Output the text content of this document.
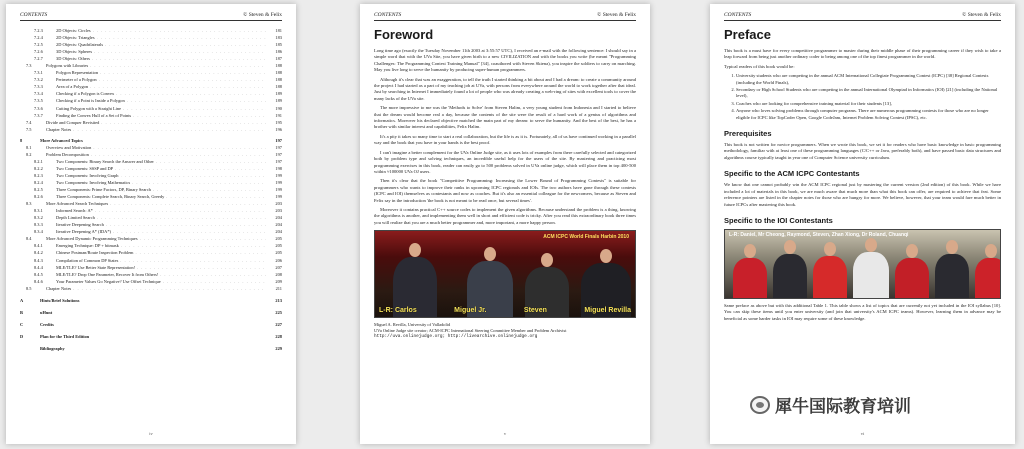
CONTENTS	© Steven & Felix
7.2.3	2D Objects: Circles . . .	181
7.2.4	2D Objects: Triangles . . .	183
7.2.5	2D Objects: Quadrilaterals . . .	185
7.2.6	3D Objects: Spheres . . .	186
7.2.7	3D Objects: Others . . .	187
7.3	Polygons with Libraries . . .	188
7.3.1	Polygon Representation . . .	188
7.3.2	Perimeter of a Polygon . . .	188
7.3.3	Area of a Polygon . . .	188
7.3.4	Checking if a Polygon is Convex . . .	189
7.3.5	Checking if a Point is Inside a Polygon . . .	189
7.3.6	Cutting Polygon with a Straight Line . . .	190
7.3.7	Finding the Convex Hull of a Set of Points . . .	191
7.4	Divide and Conquer Revisited . . .	195
7.5	Chapter Notes . . .	196
8	More Advanced Topics	197
8.1	Overview and Motivation . . .	197
8.2	Problem Decomposition . . .	197
8.2.1	Two Components: Binary Search the Answer and Other . . .	197
8.2.2	Two Components: SSSP and DP . . .	198
8.2.3	Two Components: Involving Graph . . .	199
8.2.4	Two Components: Involving Mathematics . . .	199
8.2.5	Three Components: Prime Factors, DP, Binary Search . . .	199
8.2.6	Three Components: Complete Search, Binary Search, Greedy . . .	199
8.3	More Advanced Search Techniques . . .	203
8.3.1	Informed Search: A* . . .	203
8.3.2	Depth Limited Search . . .	204
8.3.3	Iterative Deepening Search . . .	204
8.3.4	Iterative Deepening A* (IDA*) . . .	204
8.4	More Advanced Dynamic Programming Techniques . . .	205
8.4.1	Emerging Technique: DP + bitmask . . .	205
8.4.2	Chinese Postman/Route Inspection Problem . . .	205
8.4.3	Compilation of Common DP States . . .	206
8.4.4	MLE/TLE? Use Better State Representation! . . .	207
8.4.5	MLE/TLE? Drop One Parameter, Recover It from Others! . . .	208
8.4.6	Your Parameter Values Go Negative? Use Offset Technique . . .	209
8.5	Chapter Notes . . .	211
A	Hints/Brief Solutions	213
B	uHunt	225
C	Credits	227
D	Plan for the Third Edition	228
Bibliography	229
iv
CONTENTS	© Steven & Felix
Foreword
Long time ago (exactly the Tuesday November 11th 2003 at 3:55:57 UTC), I received an e-mail with the following sentence: I should say in a simple word that with the UVa Site, you have given birth to a new CIVILIZATION and with the books you write (he meant "Programming Challenges: The Programming Contest Training Manual" [34], coauthored with Steven Skiena), you inspire the soldiers to carry on marching. May you live long to serve the humanity by producing super-human programmers.
Although it's clear that was an exaggeration, to tell the truth I started thinking a bit about and I had a dream: to create a community around the project I had started as a part of my teaching job at UVa, with persons from everywhere around the world to work together after that ideal. Just by searching in Internet I immediately found a lot of people who was already creating a web-ring of sites with excellent tools to cover the many lacks of the UVa site.
The more impressive to me was the 'Methods to Solve' from Steven Halim, a very young student from Indonesia and I started to believe that the dream would become real a day, because the contents of the site were the result of a hard work of a genius of algorithms and informatics. Moreover his declared objective matched the main part of my dream: to serve the humanity. And the best of the best, he has a brother with similar interest and capabilities, Felix Halim.
It's a pity it takes so many time to start a real collaboration, but the life is as it is. Fortunately, all of us have continued working in a parallel way and the book that you have in your hands is the best proof.
I can't imagine a better complement for the UVa Online Judge site, as it uses lots of examples from there carefully selected and categorized both by problem type and solving techniques, an incredible useful help for the users of the site. By mastering and practicing most programming exercises in this book, reader can easily go to 500 problems solved in UVa online judge, which will place them in top 400-500 within ≈100000 UVa OJ users.
Then it's clear that the book "Competitive Programming: Increasing the Lower Bound of Programming Contests" is suitable for programmers who wants to improve their ranks in upcoming ICPC regionals and IOIs. The two authors have gone through these contests (ICPC and IOI) themselves as contestants and now as coaches. But it's also an essential colleague for the newcomers, because as Steven and Felix say in the introduction 'the book is not meant to be read once, but several times'.
Moreover it contains practical C++ source codes to implement the given algorithms. Because understand the problem is a thing, knowing the algorithms is another, and implementing them well in short and efficient code is tricky. After you read this extraordinary book three times you will realize that you are a much better programmer and, more important, a more happy person.
ACM ICPC World Finals Harbin 2010
L-R: Carlos	Miguel Jr.	Steven	Miguel Revilla
Miguel A. Revilla, University of Valladolid
UVa Online Judge site creator; ACM-ICPC International Steering Committee Member and Problem Archivist
http://uva.onlinejudge.org; http://livearchive.onlinejudge.org
v
CONTENTS	© Steven & Felix
Preface
This book is a must have for every competitive programmer to master during their middle phase of their programming career if they wish to take a leap forward from being just another ordinary coder to being among one of the top finest programmer in the world.
Typical readers of this book would be:
1. University students who are competing in the annual ACM International Collegiate Programming Contest (ICPC) [38] Regional Contests (including the World Finals),
2. Secondary or High School Students who are competing in the annual International Olympiad in Informatics (IOI) [21] (including the National level),
3. Coaches who are looking for comprehensive training material for their students [13],
4. Anyone who loves solving problems through computer programs. There are numerous programming contests for those who are no longer eligible for ICPC like TopCoder Open, Google CodeJam, Internet Problem Solving Contest (IPSC), etc.
Prerequisites
This book is not written for novice programmers. When we wrote this book, we set it for readers who have basic knowledge in basic programming methodology, familiar with at least one of these programming languages (C/C++ or Java, preferably both), and have passed basic data structures and algorithms course typically taught in year one of Computer Science university curriculum.
Specific to the ACM ICPC Contestants
We know that one cannot probably win the ACM ICPC regional just by mastering the current version (2nd edition) of this book. While we have included a lot of materials in this book, we are much aware that much more than what this book can offer, are required to achieve that feat. Some reference pointers are listed in the chapter notes for those who are hungry for more. We believe, however, that your team would fare much better in future ICPCs after mastering this book.
Specific to the IOI Contestants
L-R: Daniel, Mr Cheong, Raymond, Steven, Zhan Xiong, Dr Roland, Chuanqi
Same preface as above but with this additional Table 1. This table shows a list of topics that are currently not yet included in the IOI syllabus [10]. You can skip these items until you enter university (and join that university's ACM ICPC teams). However, learning them in advance may be beneficial as some harder tasks in IOI may require some of these knowledge.
vi
犀牛国际教育培训
